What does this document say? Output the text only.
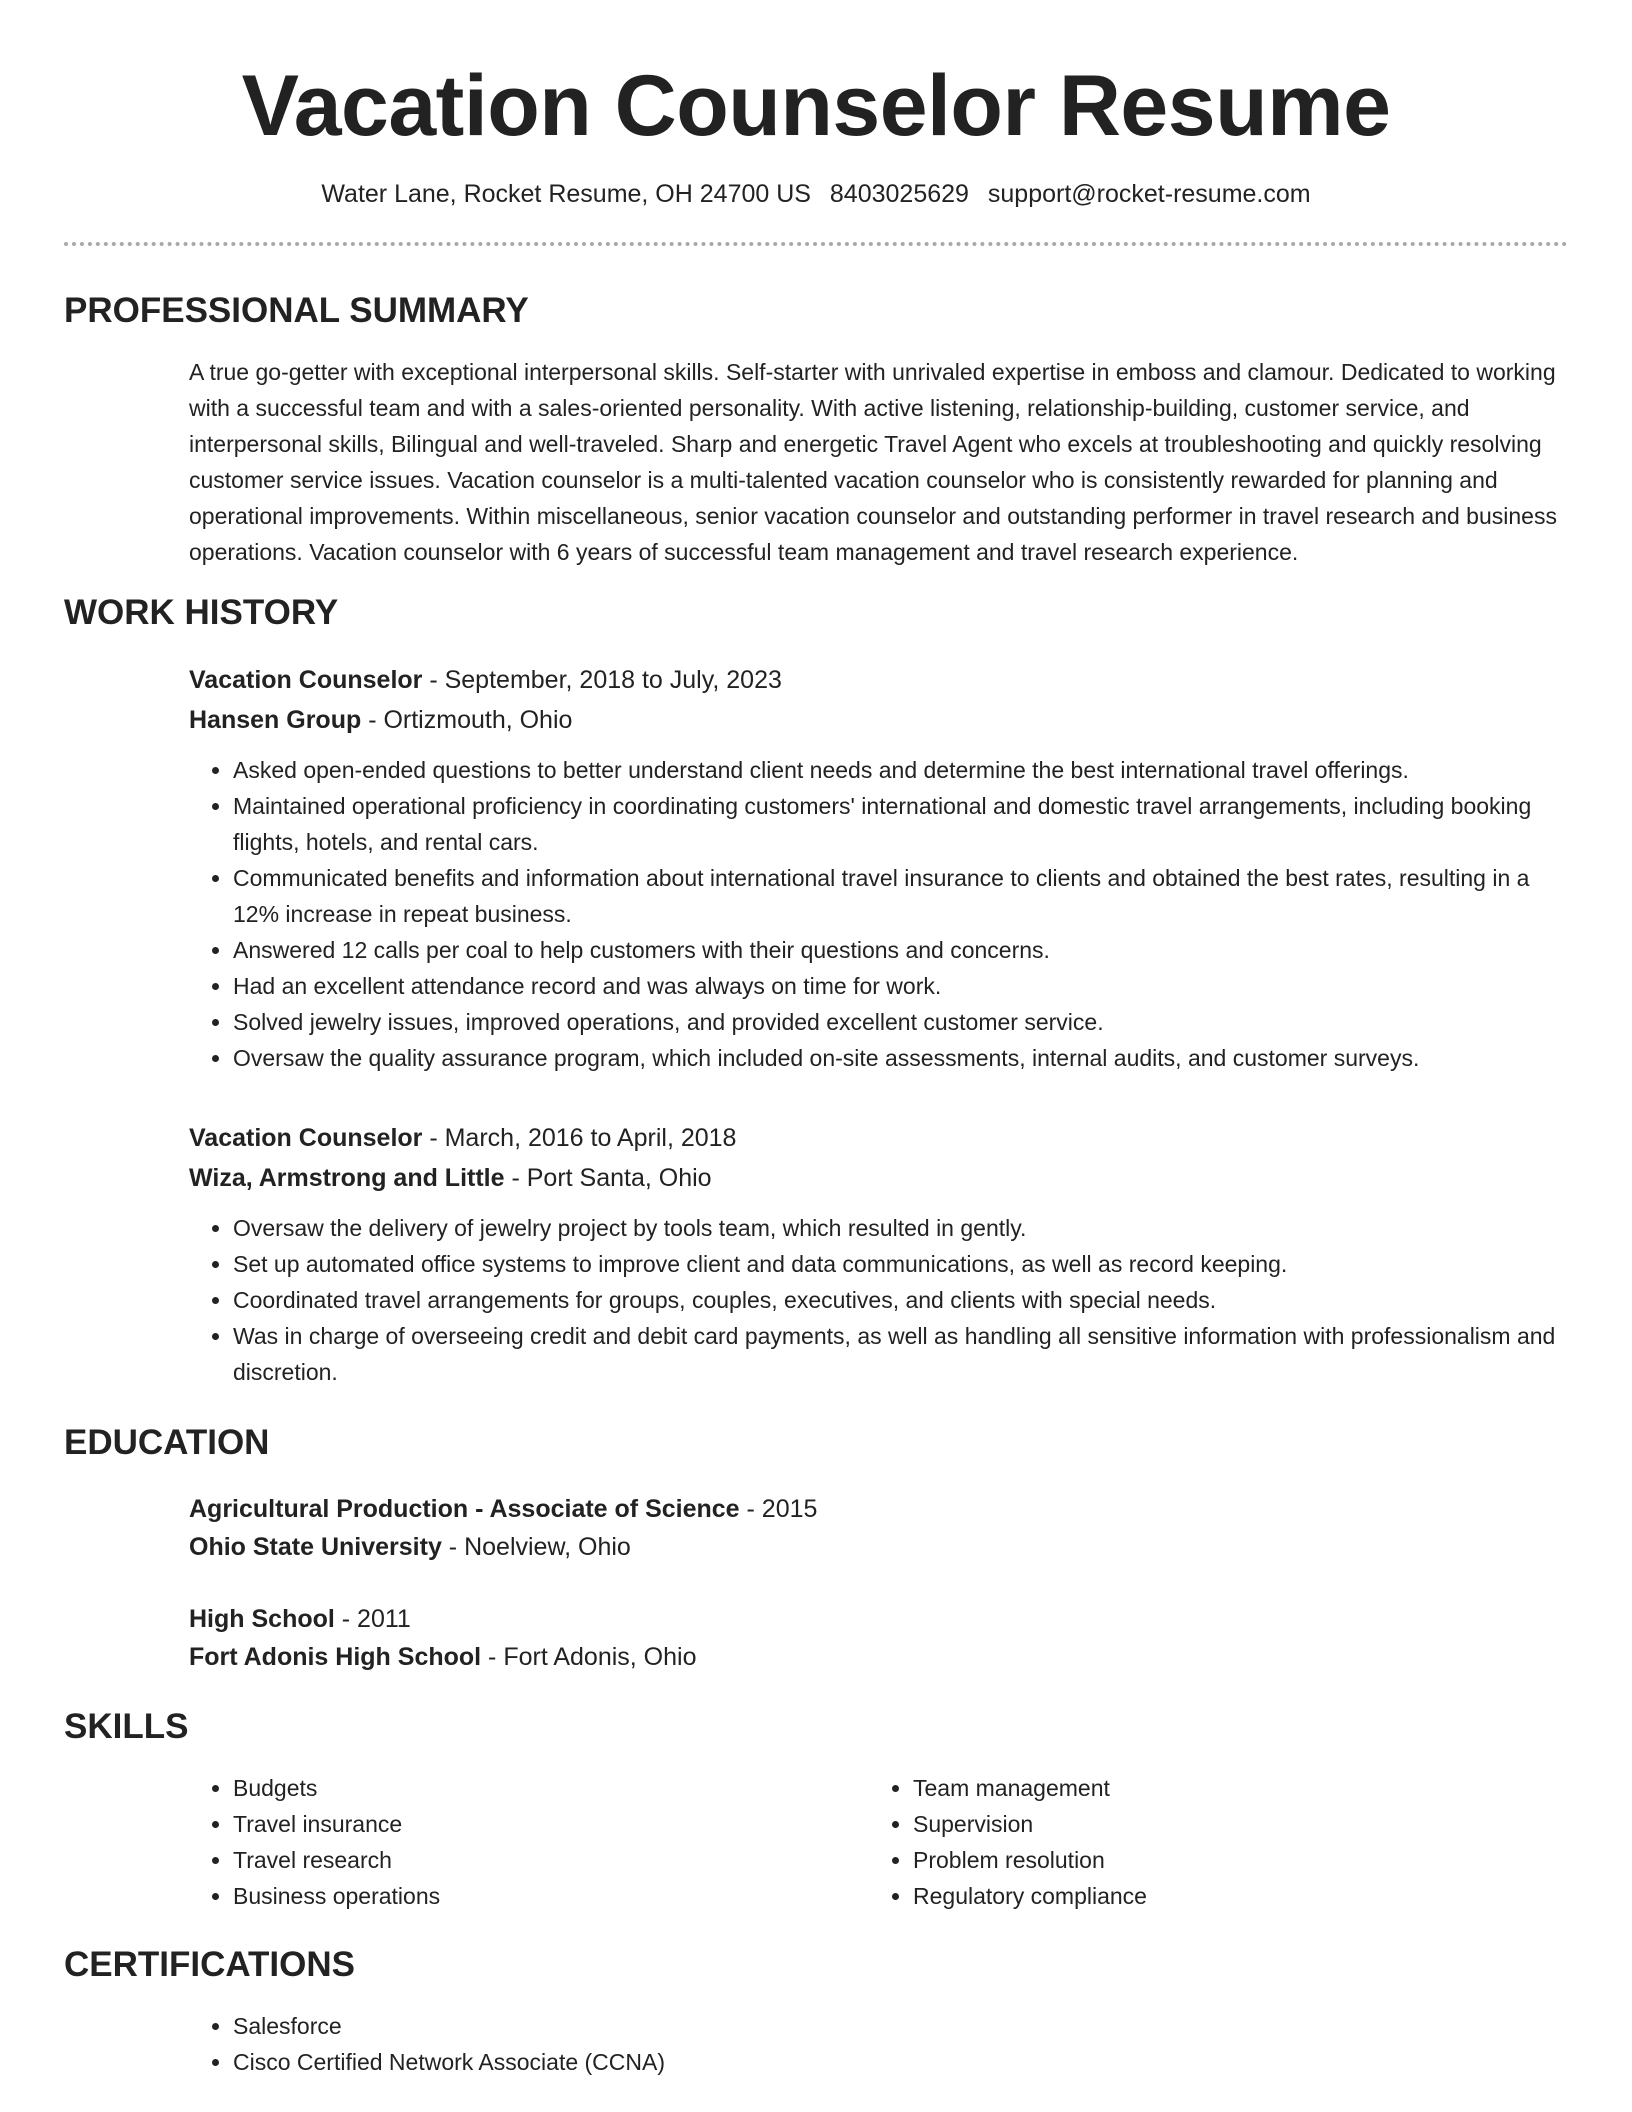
Vacation Counselor Resume
Water Lane, Rocket Resume, OH 24700 US 8403025629 support@rocket-resume.com
PROFESSIONAL SUMMARY
A true go-getter with exceptional interpersonal skills. Self-starter with unrivaled expertise in emboss and clamour. Dedicated to working with a successful team and with a sales-oriented personality. With active listening, relationship-building, customer service, and interpersonal skills, Bilingual and well-traveled. Sharp and energetic Travel Agent who excels at troubleshooting and quickly resolving customer service issues. Vacation counselor is a multi-talented vacation counselor who is consistently rewarded for planning and operational improvements. Within miscellaneous, senior vacation counselor and outstanding performer in travel research and business operations. Vacation counselor with 6 years of successful team management and travel research experience.
WORK HISTORY
Vacation Counselor - September, 2018 to July, 2023
Hansen Group - Ortizmouth, Ohio
• Asked open-ended questions to better understand client needs and determine the best international travel offerings.
• Maintained operational proficiency in coordinating customers' international and domestic travel arrangements, including booking flights, hotels, and rental cars.
• Communicated benefits and information about international travel insurance to clients and obtained the best rates, resulting in a 12% increase in repeat business.
• Answered 12 calls per coal to help customers with their questions and concerns.
• Had an excellent attendance record and was always on time for work.
• Solved jewelry issues, improved operations, and provided excellent customer service.
• Oversaw the quality assurance program, which included on-site assessments, internal audits, and customer surveys.
Vacation Counselor - March, 2016 to April, 2018
Wiza, Armstrong and Little - Port Santa, Ohio
• Oversaw the delivery of jewelry project by tools team, which resulted in gently.
• Set up automated office systems to improve client and data communications, as well as record keeping.
• Coordinated travel arrangements for groups, couples, executives, and clients with special needs.
• Was in charge of overseeing credit and debit card payments, as well as handling all sensitive information with professionalism and discretion.
EDUCATION
Agricultural Production - Associate of Science - 2015
Ohio State University - Noelview, Ohio
High School - 2011
Fort Adonis High School - Fort Adonis, Ohio
SKILLS
• Budgets
• Travel insurance
• Travel research
• Business operations
• Team management
• Supervision
• Problem resolution
• Regulatory compliance
CERTIFICATIONS
• Salesforce
• Cisco Certified Network Associate (CCNA)
